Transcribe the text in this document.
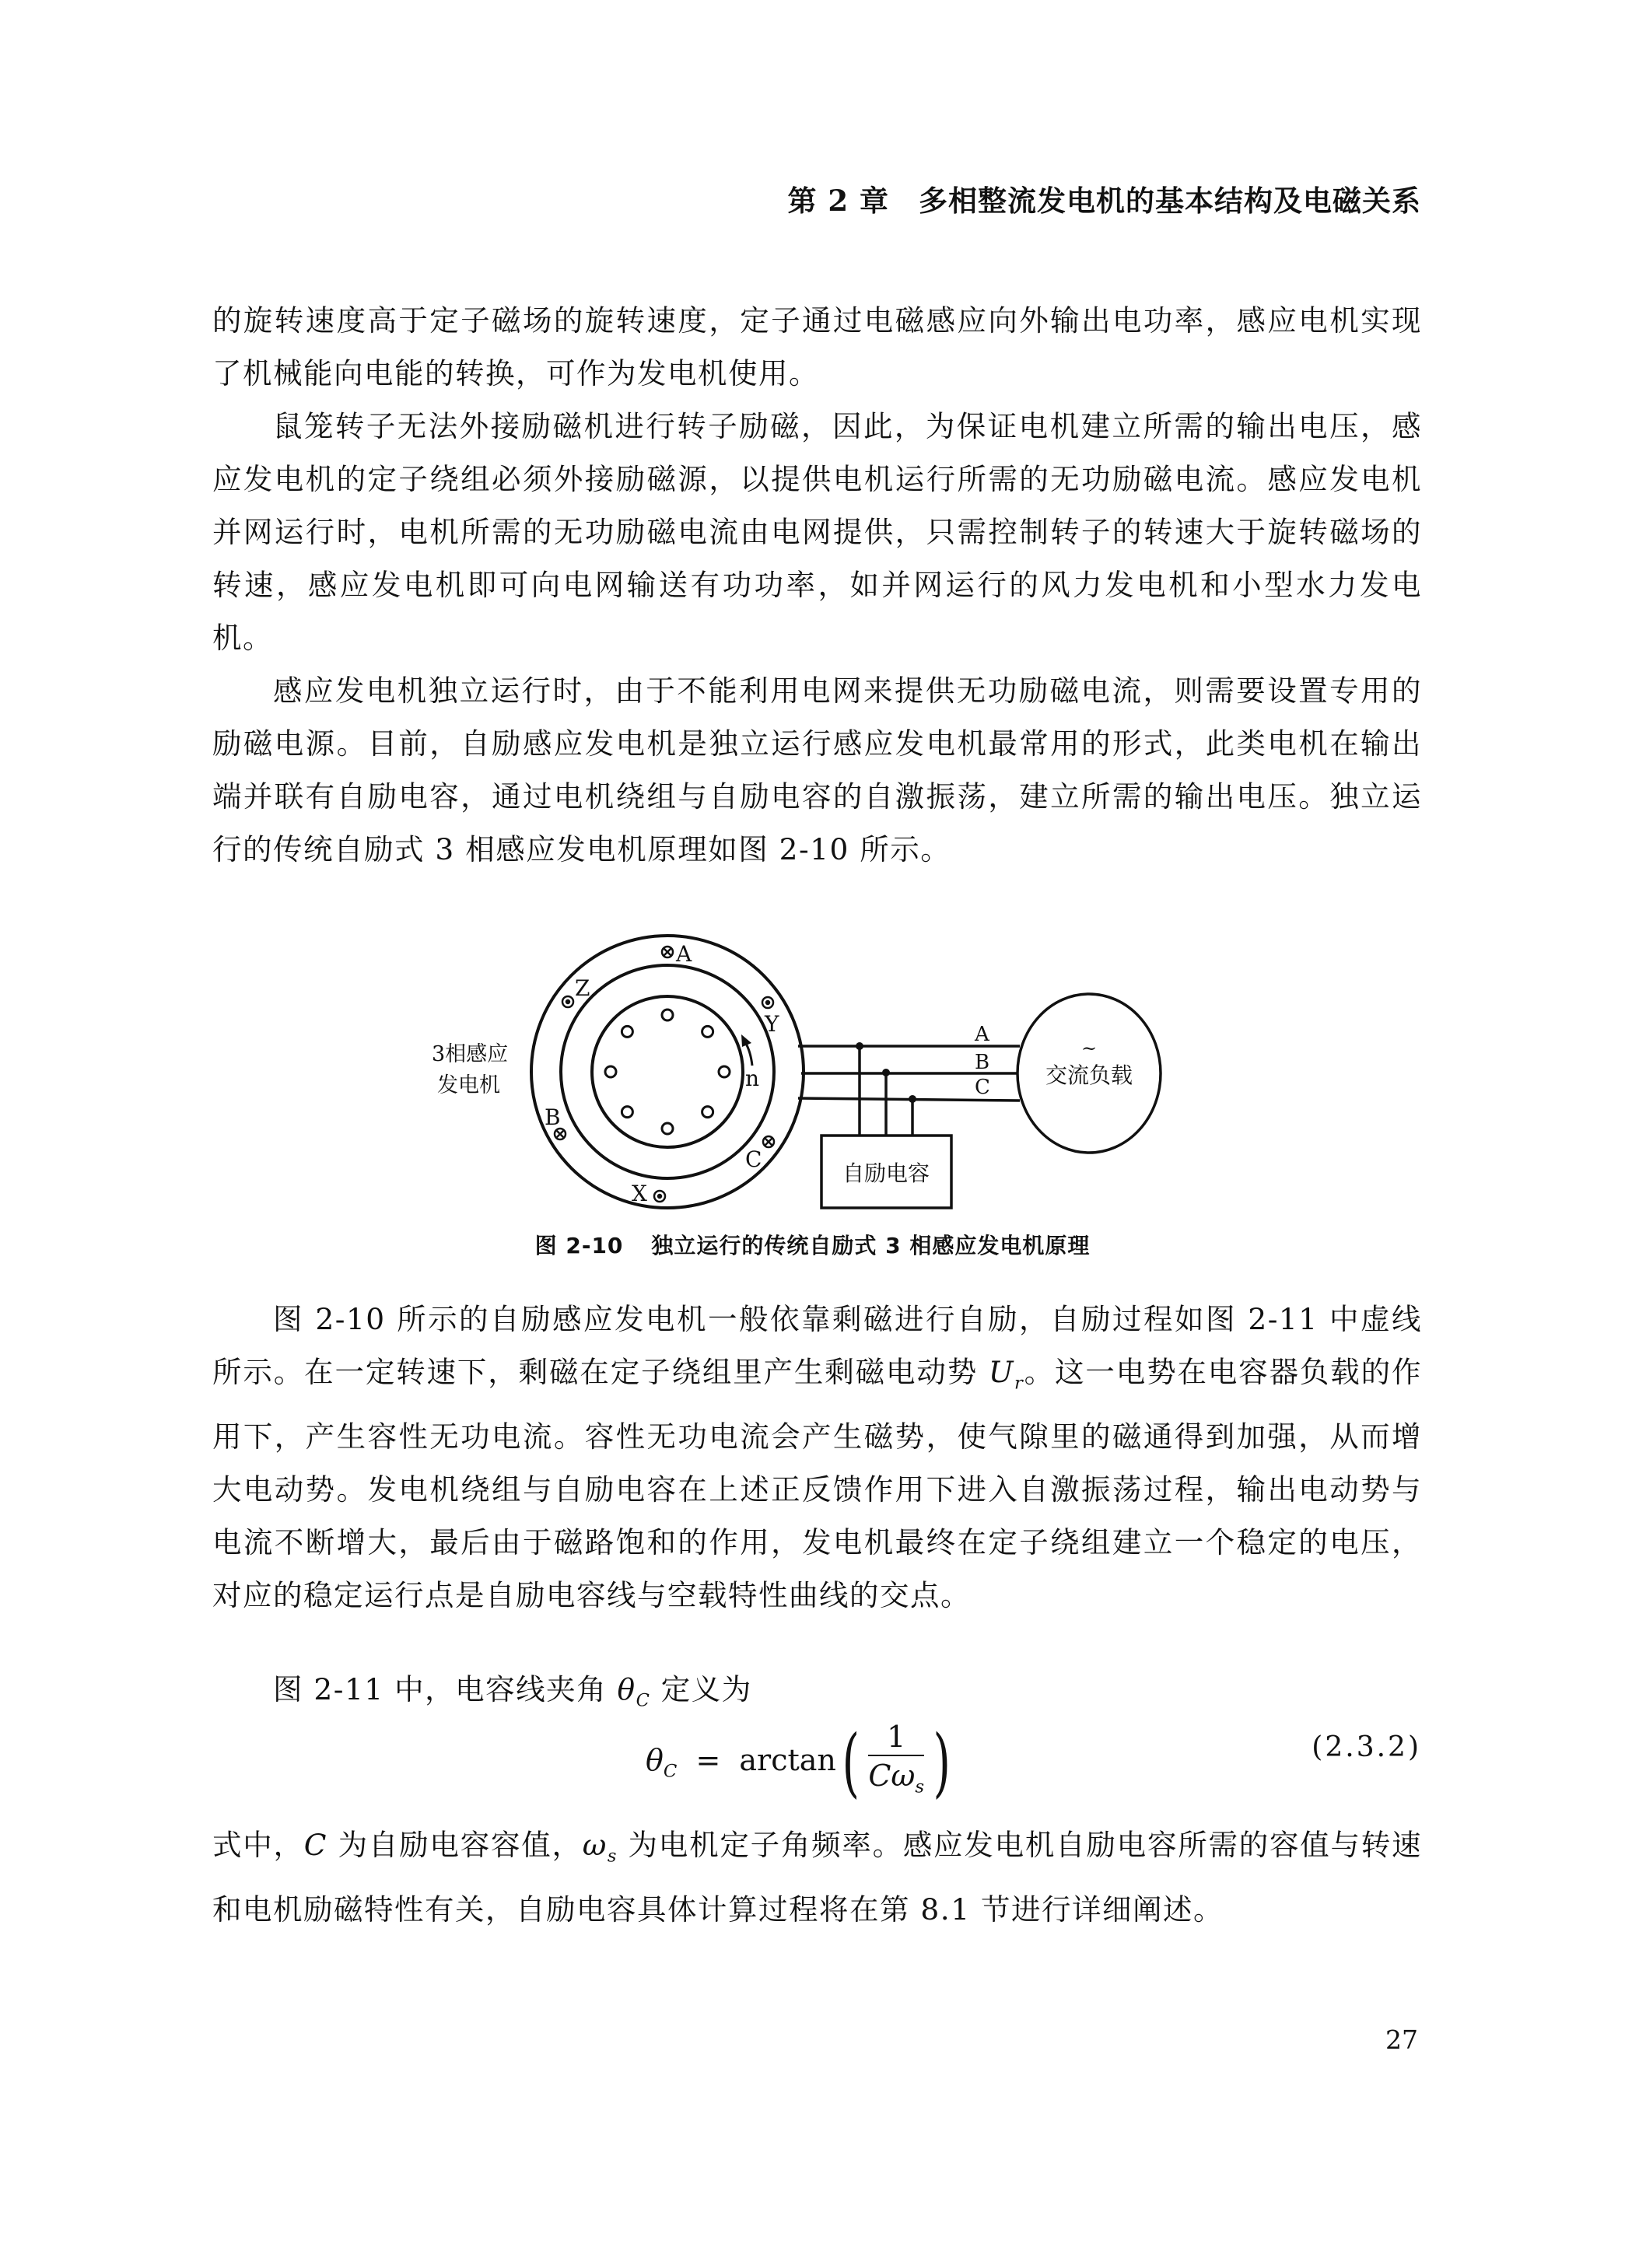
第 2 章 多相整流发电机的基本结构及电磁关系
的旋转速度高于定子磁场的旋转速度，定子通过电磁感应向外输出电功率，感应电机实现了机械能向电能的转换，可作为发电机使用。
鼠笼转子无法外接励磁机进行转子励磁，因此，为保证电机建立所需的输出电压，感应发电机的定子绕组必须外接励磁源，以提供电机运行所需的无功励磁电流。感应发电机并网运行时，电机所需的无功励磁电流由电网提供，只需控制转子的转速大于旋转磁场的转速，感应发电机即可向电网输送有功功率，如并网运行的风力发电机和小型水力发电机。
感应发电机独立运行时，由于不能利用电网来提供无功励磁电流，则需要设置专用的励磁电源。目前，自励感应发电机是独立运行感应发电机最常用的形式，此类电机在输出端并联有自励电容，通过电机绕组与自励电容的自激振荡，建立所需的输出电压。独立运行的传统自励式 3 相感应发电机原理如图 2-10 所示。
A
Z
Y
B
C
X
n
3相感应
发电机
A
B
C
自励电容
~
交流负载
图 2-10 独立运行的传统自励式 3 相感应发电机原理
图 2-10 所示的自励感应发电机一般依靠剩磁进行自励，自励过程如图 2-11 中虚线所示。在一定转速下，剩磁在定子绕组里产生剩磁电动势 $U_r$。这一电势在电容器负载的作用下，产生容性无功电流。容性无功电流会产生磁势，使气隙里的磁通得到加强，从而增大电动势。发电机绕组与自励电容在上述正反馈作用下进入自激振荡过程，输出电动势与电流不断增大，最后由于磁路饱和的作用，发电机最终在定子绕组建立一个稳定的电压，对应的稳定运行点是自励电容线与空载特性曲线的交点。
图 2-11 中，电容线夹角 $\theta_C$ 定义为
$\theta_C = \arctan( \frac{1}{C\omega_s}$ )	(2.3.2)
式中，C 为自励电容容值，$\omega_s$ 为电机定子角频率。感应发电机自励电容所需的容值与转速和电机励磁特性有关，自励电容具体计算过程将在第 8.1 节进行详细阐述。
27
